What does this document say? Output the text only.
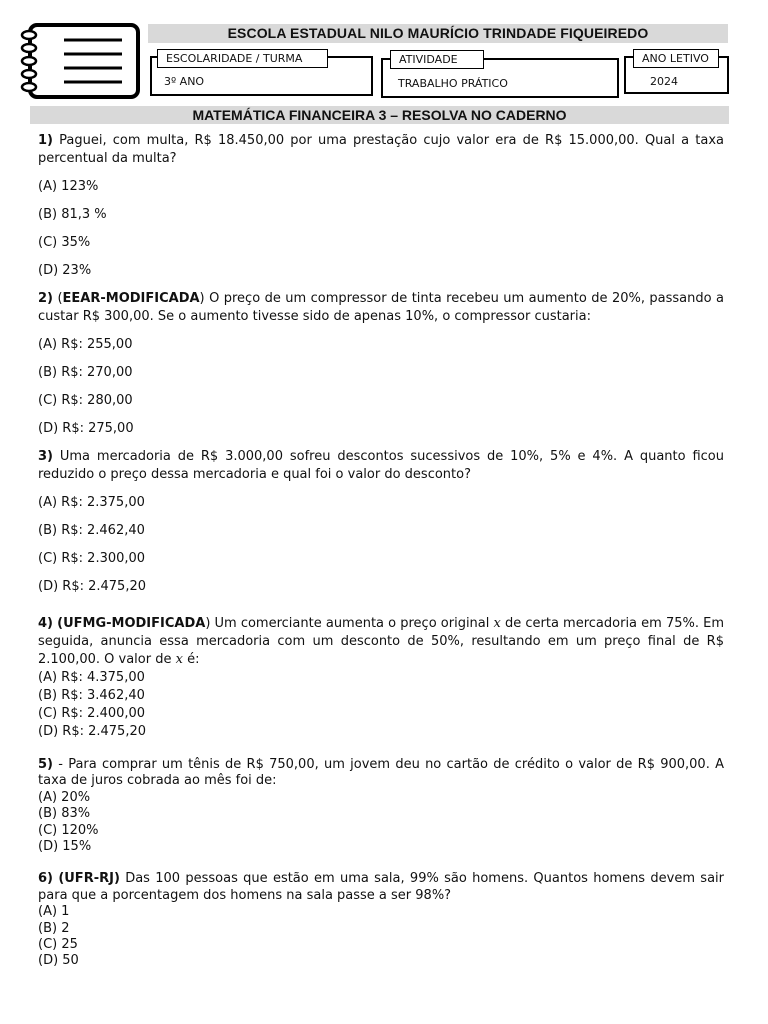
ESCOLA ESTADUAL NILO MAURÍCIO TRINDADE FIQUEIREDO
ESCOLARIDADE / TURMA
3º ANO
ATIVIDADE
TRABALHO PRÁTICO
ANO LETIVO
2024
MATEMÁTICA FINANCEIRA 3 – RESOLVA NO CADERNO

1) Paguei, com multa, R$ 18.450,00 por uma prestação cujo valor era de R$ 15.000,00. Qual a taxa percentual da multa?

(A) 123%

(B) 81,3 %

(C) 35%

(D) 23%

2) (EEAR-MODIFICADA) O preço de um compressor de tinta recebeu um aumento de 20%, passando a custar R$ 300,00. Se o aumento tivesse sido de apenas 10%, o compressor custaria:

(A) R$: 255,00

(B) R$: 270,00

(C) R$: 280,00

(D) R$: 275,00

3) Uma mercadoria de R$ 3.000,00 sofreu descontos sucessivos de 10%, 5% e 4%. A quanto ficou reduzido o preço dessa mercadoria e qual foi o valor do desconto?

(A) R$: 2.375,00

(B) R$: 2.462,40

(C) R$: 2.300,00

(D) R$: 2.475,20

4) (UFMG-MODIFICADA) Um comerciante aumenta o preço original x de certa mercadoria em 75%. Em seguida, anuncia essa mercadoria com um desconto de 50%, resultando em um preço final de R$ 2.100,00. O valor de x é:

(A) R$: 4.375,00

(B) R$: 3.462,40

(C) R$: 2.400,00

(D) R$: 2.475,20

5) - Para comprar um tênis de R$ 750,00, um jovem deu no cartão de crédito o valor de R$ 900,00. A taxa de juros cobrada ao mês foi de:

(A) 20%

(B) 83%

(C) 120%

(D) 15%

6) (UFR-RJ) Das 100 pessoas que estão em uma sala, 99% são homens. Quantos homens devem sair para que a porcentagem dos homens na sala passe a ser 98%?

(A) 1

(B) 2

(C) 25

(D) 50
